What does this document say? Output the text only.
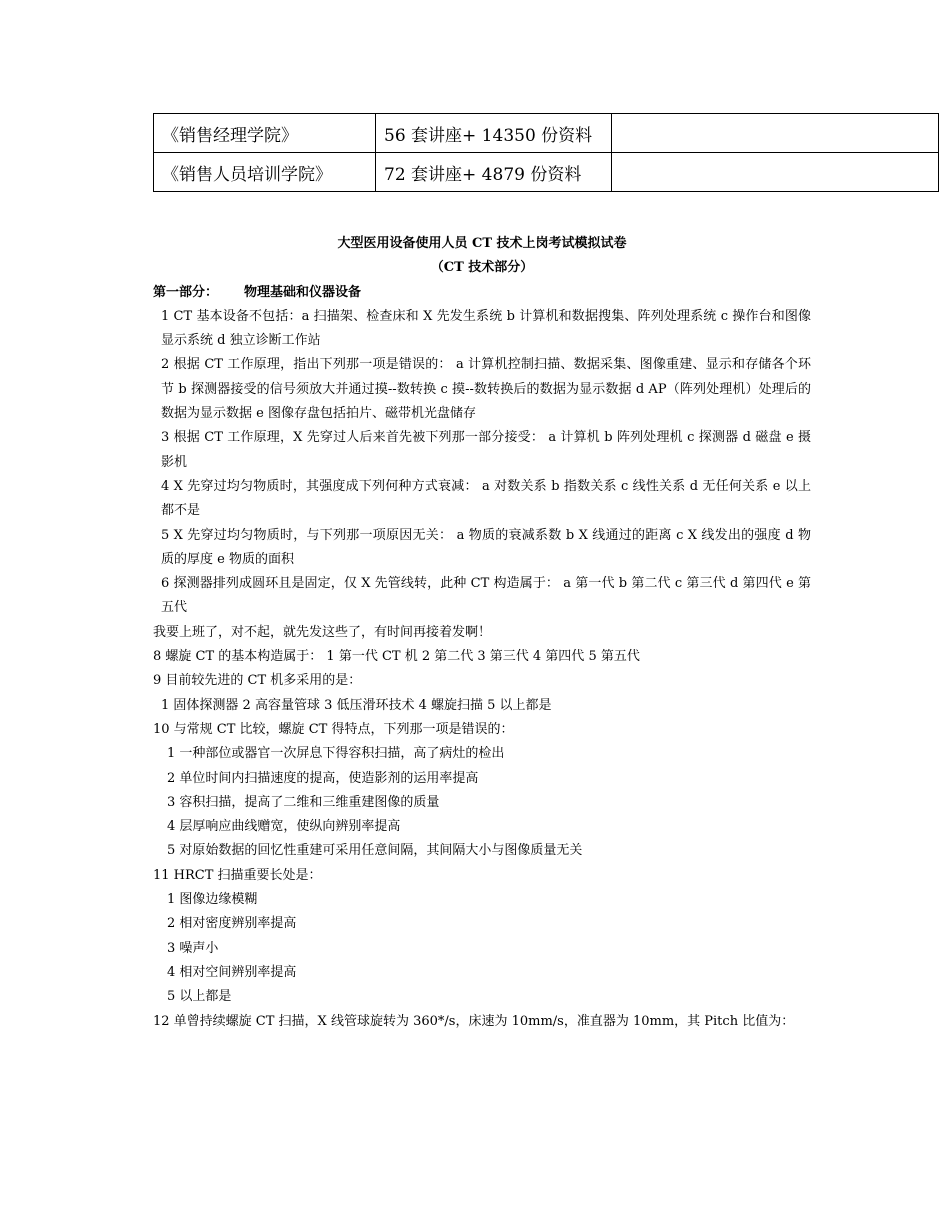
《销售经理学院》	56 套讲座+ 14350 份资料	
《销售人员培训学院》	72 套讲座+ 4879 份资料	
大型医用设备使用人员 CT 技术上岗考试模拟试卷
（CT 技术部分）
第一部分： 物理基础和仪器设备
1 CT 基本设备不包括：a 扫描架、检查床和 X 先发生系统 b 计算机和数据搜集、阵列处理系统 c 操作台和图像显示系统 d 独立诊断工作站
2 根据 CT 工作原理，指出下列那一项是错误的： a 计算机控制扫描、数据采集、图像重建、显示和存储各个环节 b 探测器接受的信号须放大并通过摸--数转换 c 摸--数转换后的数据为显示数据 d AP（阵列处理机）处理后的数据为显示数据 e 图像存盘包括拍片、磁带机光盘储存
3 根据 CT 工作原理，X 先穿过人后来首先被下列那一部分接受： a 计算机 b 阵列处理机 c 探测器 d 磁盘 e 摄影机
4 X 先穿过均匀物质时，其强度成下列何种方式衰减： a 对数关系 b 指数关系 c 线性关系 d 无任何关系 e 以上都不是
5 X 先穿过均匀物质时，与下列那一项原因无关： a 物质的衰减系数 b X 线通过的距离 c X 线发出的强度 d 物质的厚度 e 物质的面积
6 探测器排列成圆环且是固定，仅 X 先管线转，此种 CT 构造属于： a 第一代 b 第二代 c 第三代 d 第四代 e 第五代
我要上班了，对不起，就先发这些了，有时间再接着发啊！
8 螺旋 CT 的基本构造属于： 1 第一代 CT 机 2 第二代 3 第三代 4 第四代 5 第五代
9 目前较先进的 CT 机多采用的是：
1 固体探测器 2 高容量管球 3 低压滑环技术 4 螺旋扫描 5 以上都是
10 与常规 CT 比较，螺旋 CT 得特点，下列那一项是错误的：
1 一种部位或器官一次屏息下得容积扫描，高了病灶的检出
2 单位时间内扫描速度的提高，使造影剂的运用率提高
3 容积扫描，提高了二维和三维重建图像的质量
4 层厚响应曲线赠宽，使纵向辨别率提高
5 对原始数据的回忆性重建可采用任意间隔，其间隔大小与图像质量无关
11 HRCT 扫描重要长处是：
1 图像边缘模糊
2 相对密度辨别率提高
3 噪声小
4 相对空间辨别率提高
5 以上都是
12 单曾持续螺旋 CT 扫描，X 线管球旋转为 360*/s，床速为 10mm/s，准直器为 10mm，其 Pitch 比值为：
